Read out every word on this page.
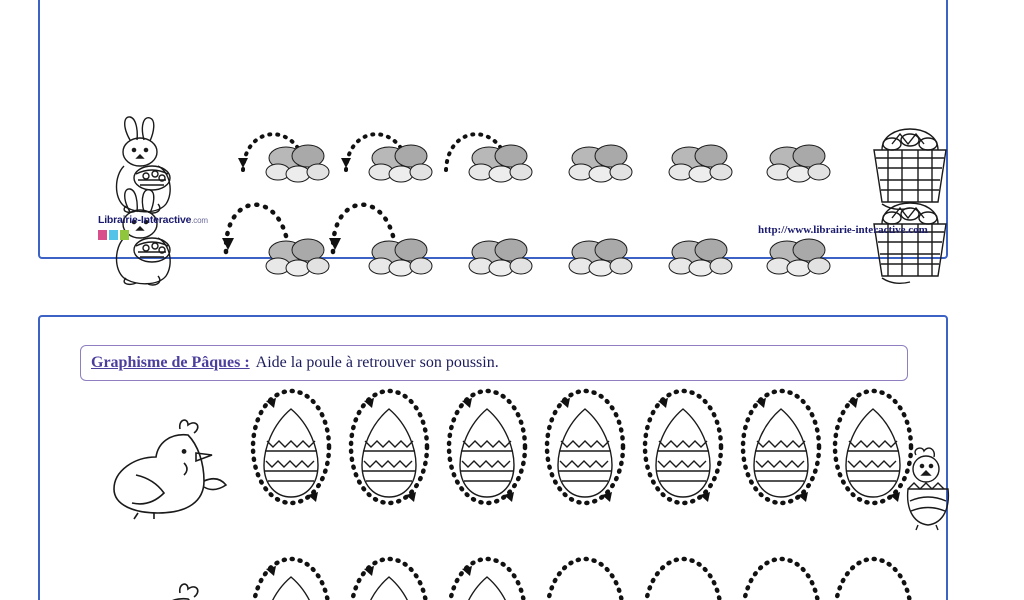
Librairie-Interactive.com
http://www.librairie-interactive.com
Graphisme de Pâques : Aide la poule à retrouver son poussin.
